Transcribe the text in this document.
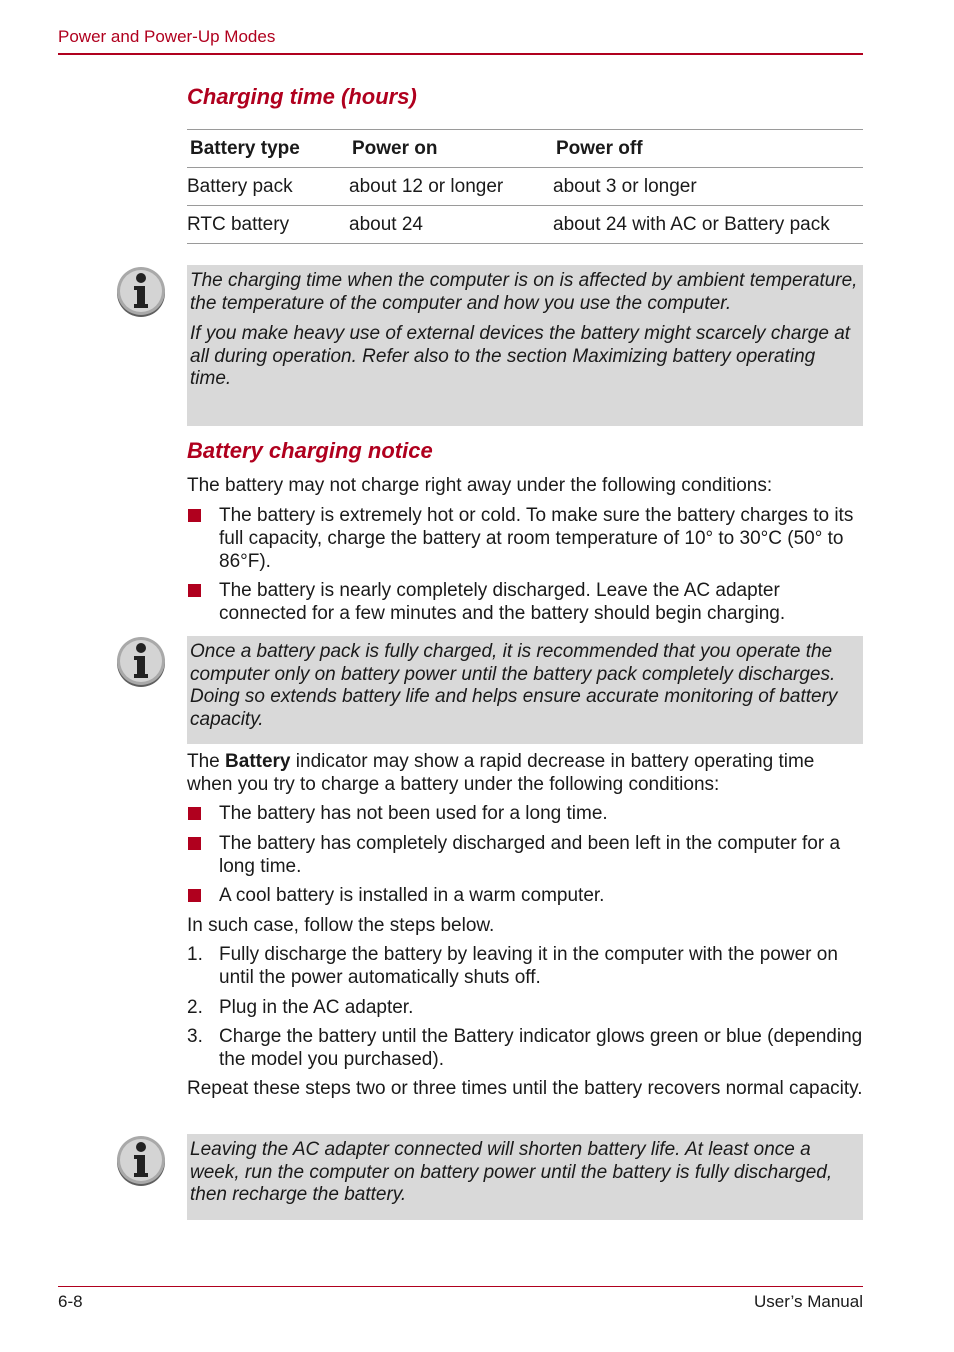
Power and Power-Up Modes
Charging time (hours)
Battery type	Power on	Power off
Battery pack	about 12 or longer	about 3 or longer
RTC battery	about 24	about 24 with AC or Battery pack

The charging time when the computer is on is affected by ambient temperature, the temperature of the computer and how you use the computer.

If you make heavy use of external devices the battery might scarcely charge at all during operation. Refer also to the section Maximizing battery operating time.

Battery charging notice
The battery may not charge right away under the following conditions:
The battery is extremely hot or cold. To make sure the battery charges to its full capacity, charge the battery at room temperature of 10° to 30°C (50° to 86°F).
The battery is nearly completely discharged. Leave the AC adapter connected for a few minutes and the battery should begin charging.

Once a battery pack is fully charged, it is recommended that you operate the computer only on battery power until the battery pack completely discharges. Doing so extends battery life and helps ensure accurate monitoring of battery capacity.

The Battery indicator may show a rapid decrease in battery operating time when you try to charge a battery under the following conditions:
The battery has not been used for a long time.
The battery has completely discharged and been left in the computer for a long time.
A cool battery is installed in a warm computer.
In such case, follow the steps below.
1. Fully discharge the battery by leaving it in the computer with the power on until the power automatically shuts off.
2. Plug in the AC adapter.
3. Charge the battery until the Battery indicator glows green or blue (depending the model you purchased).
Repeat these steps two or three times until the battery recovers normal capacity.

Leaving the AC adapter connected will shorten battery life. At least once a week, run the computer on battery power until the battery is fully discharged, then recharge the battery.

6-8	User’s Manual
